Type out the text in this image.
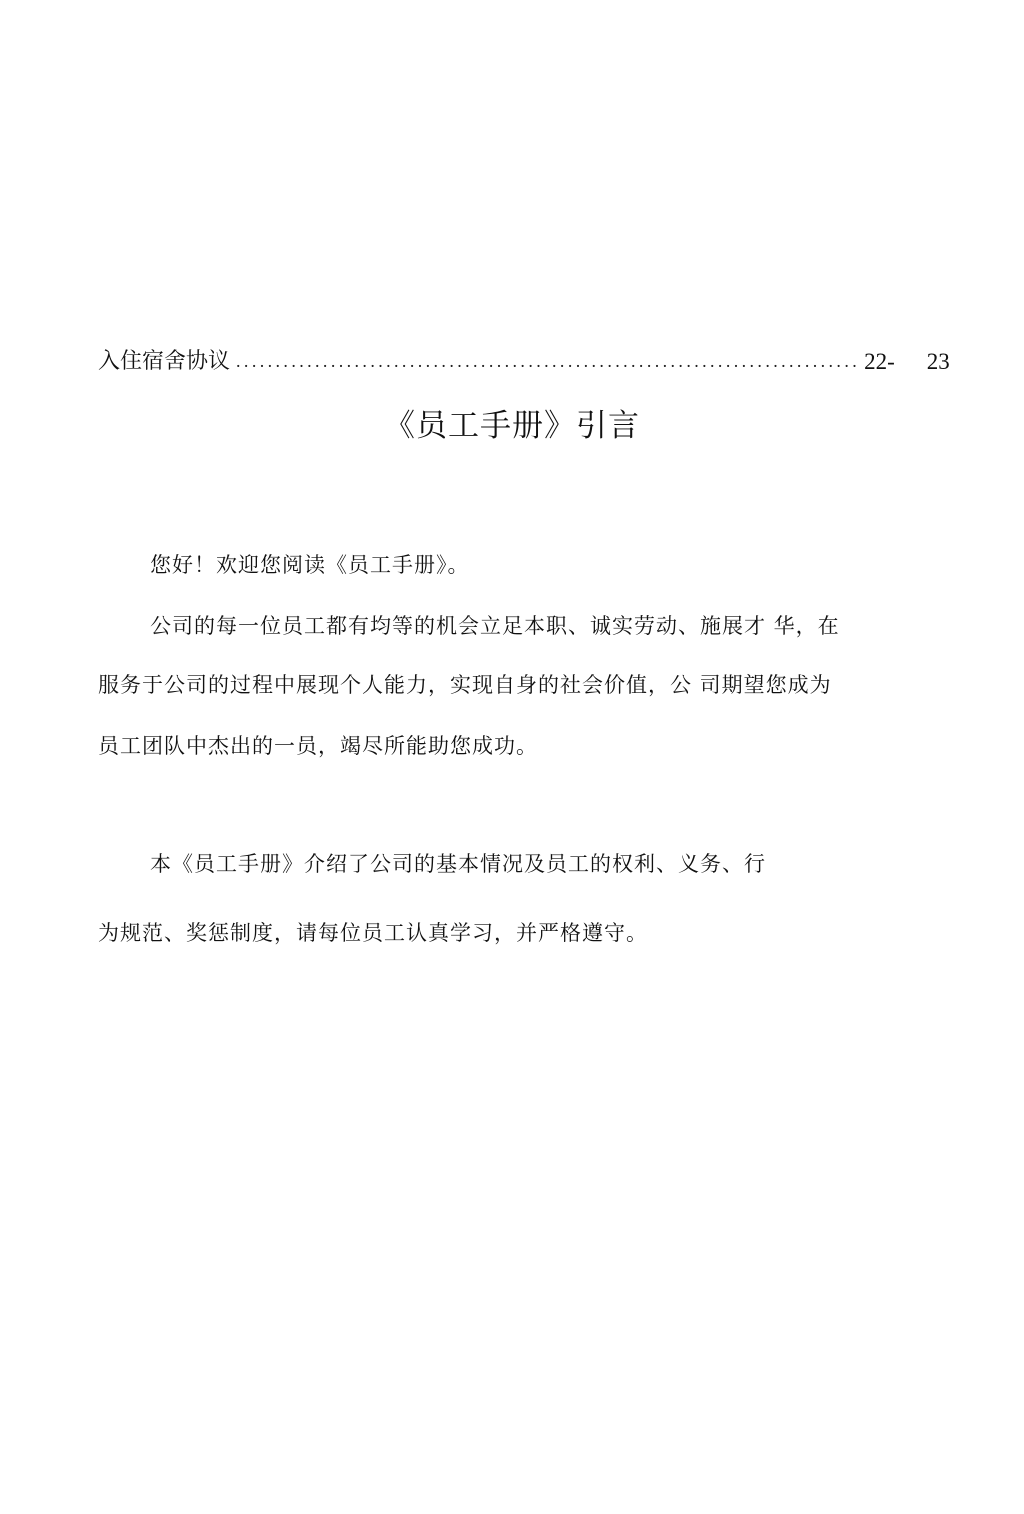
入住宿舍协议 ............................................................................... 22- 23
《员工手册》引言

您好！欢迎您阅读《员工手册》。

公司的每一位员工都有均等的机会立足本职、诚实劳动、施展才 华，在

服务于公司的过程中展现个人能力，实现自身的社会价值，公 司期望您成为

员工团队中杰出的一员，竭尽所能助您成功。

本《员工手册》介绍了公司的基本情况及员工的权利、义务、行

为规范、奖惩制度，请每位员工认真学习，并严格遵守。
